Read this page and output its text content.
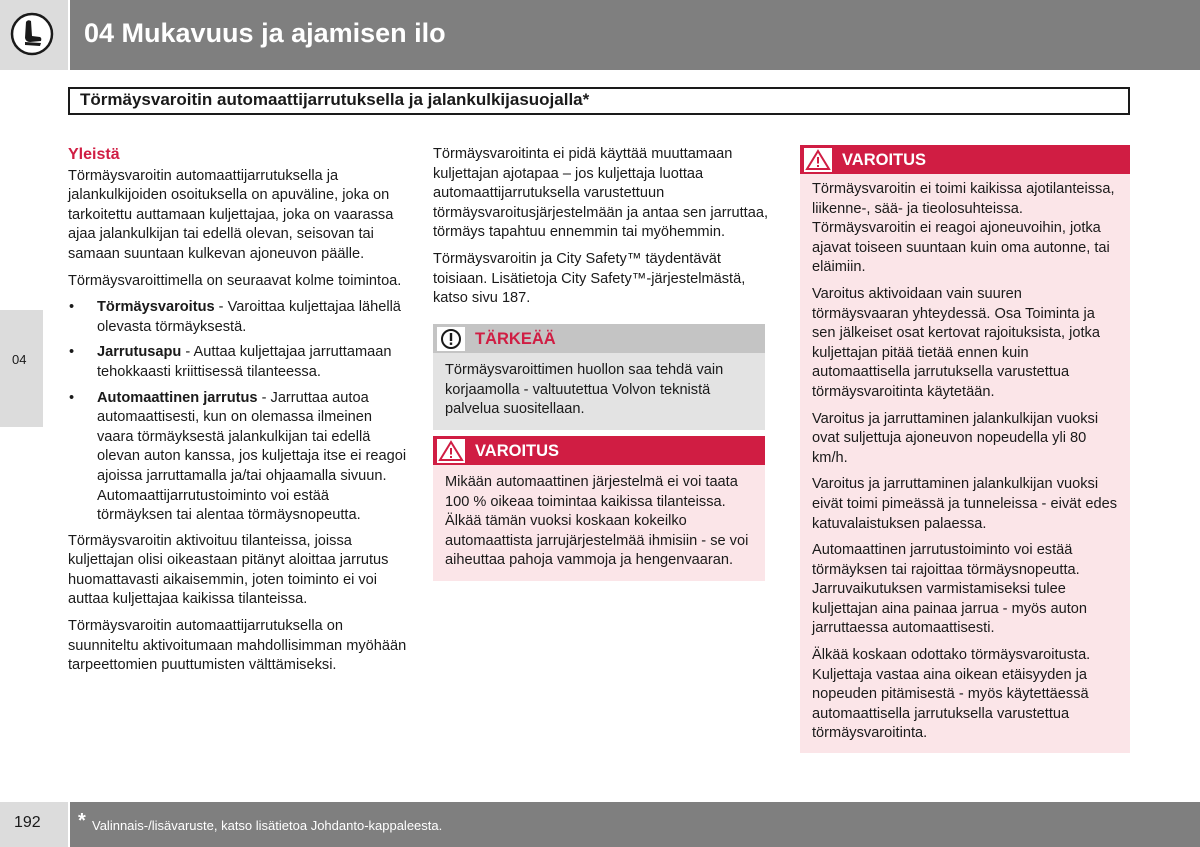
04 Mukavuus ja ajamisen ilo
04
Törmäysvaroitin automaattijarrutuksella ja jalankulkijasuojalla*
Yleistä
Törmäysvaroitin automaattijarrutuksella ja jalankulkijoiden osoituksella on apuväline, joka on tarkoitettu auttamaan kuljettajaa, joka on vaarassa ajaa jalankulkijan tai edellä olevan, seisovan tai samaan suuntaan kulkevan ajoneuvon päälle.
Törmäysvaroittimella on seuraavat kolme toimintoa.
• Törmäysvaroitus - Varoittaa kuljettajaa lähellä olevasta törmäyksestä.
• Jarrutusapu - Auttaa kuljettajaa jarruttamaan tehokkaasti kriittisessä tilanteessa.
• Automaattinen jarrutus - Jarruttaa autoa automaattisesti, kun on olemassa ilmeinen vaara törmäyksestä jalankulkijan tai edellä olevan auton kanssa, jos kuljettaja itse ei reagoi ajoissa jarruttamalla ja/tai ohjaamalla sivuun. Automaattijarrutustoiminto voi estää törmäyksen tai alentaa törmäysnopeutta.
Törmäysvaroitin aktivoituu tilanteissa, joissa kuljettajan olisi oikeastaan pitänyt aloittaa jarrutus huomattavasti aikaisemmin, joten toiminto ei voi auttaa kuljettajaa kaikissa tilanteissa.
Törmäysvaroitin automaattijarrutuksella on suunniteltu aktivoitumaan mahdollisimman myöhään tarpeettomien puuttumisten välttämiseksi.
Törmäysvaroitinta ei pidä käyttää muuttamaan kuljettajan ajotapaa – jos kuljettaja luottaa automaattijarrutuksella varustettuun törmäysvaroitusjärjestelmään ja antaa sen jarruttaa, törmäys tapahtuu ennemmin tai myöhemmin.
Törmäysvaroitin ja City Safety™ täydentävät toisiaan. Lisätietoja City Safety™-järjestelmästä, katso sivu 187.
TÄRKEÄÄ
Törmäysvaroittimen huollon saa tehdä vain korjaamolla - valtuutettua Volvon teknistä palvelua suositellaan.
VAROITUS
Mikään automaattinen järjestelmä ei voi taata 100 % oikeaa toimintaa kaikissa tilanteissa. Älkää tämän vuoksi koskaan kokeilko automaattista jarrujärjestelmää ihmisiin - se voi aiheuttaa pahoja vammoja ja hengenvaaran.
VAROITUS
Törmäysvaroitin ei toimi kaikissa ajotilanteissa, liikenne-, sää- ja tieolosuhteissa. Törmäysvaroitin ei reagoi ajoneuvoihin, jotka ajavat toiseen suuntaan kuin oma autonne, tai eläimiin.
Varoitus aktivoidaan vain suuren törmäysvaaran yhteydessä. Osa Toiminta ja sen jälkeiset osat kertovat rajoituksista, jotka kuljettajan pitää tietää ennen kuin automaattisella jarrutuksella varustettua törmäysvaroitinta käytetään.
Varoitus ja jarruttaminen jalankulkijan vuoksi ovat suljettuja ajoneuvon nopeudella yli 80 km/h.
Varoitus ja jarruttaminen jalankulkijan vuoksi eivät toimi pimeässä ja tunneleissa - eivät edes katuvalaistuksen palaessa.
Automaattinen jarrutustoiminto voi estää törmäyksen tai rajoittaa törmäysnopeutta. Jarruvaikutuksen varmistamiseksi tulee kuljettajan aina painaa jarrua - myös auton jarruttaessa automaattisesti.
Älkää koskaan odottako törmäysvaroitusta. Kuljettaja vastaa aina oikean etäisyyden ja nopeuden pitämisestä - myös käytettäessä automaattisella jarrutuksella varustettua törmäysvaroitinta.
192 * Valinnais-/lisävaruste, katso lisätietoa Johdanto-kappaleesta.
